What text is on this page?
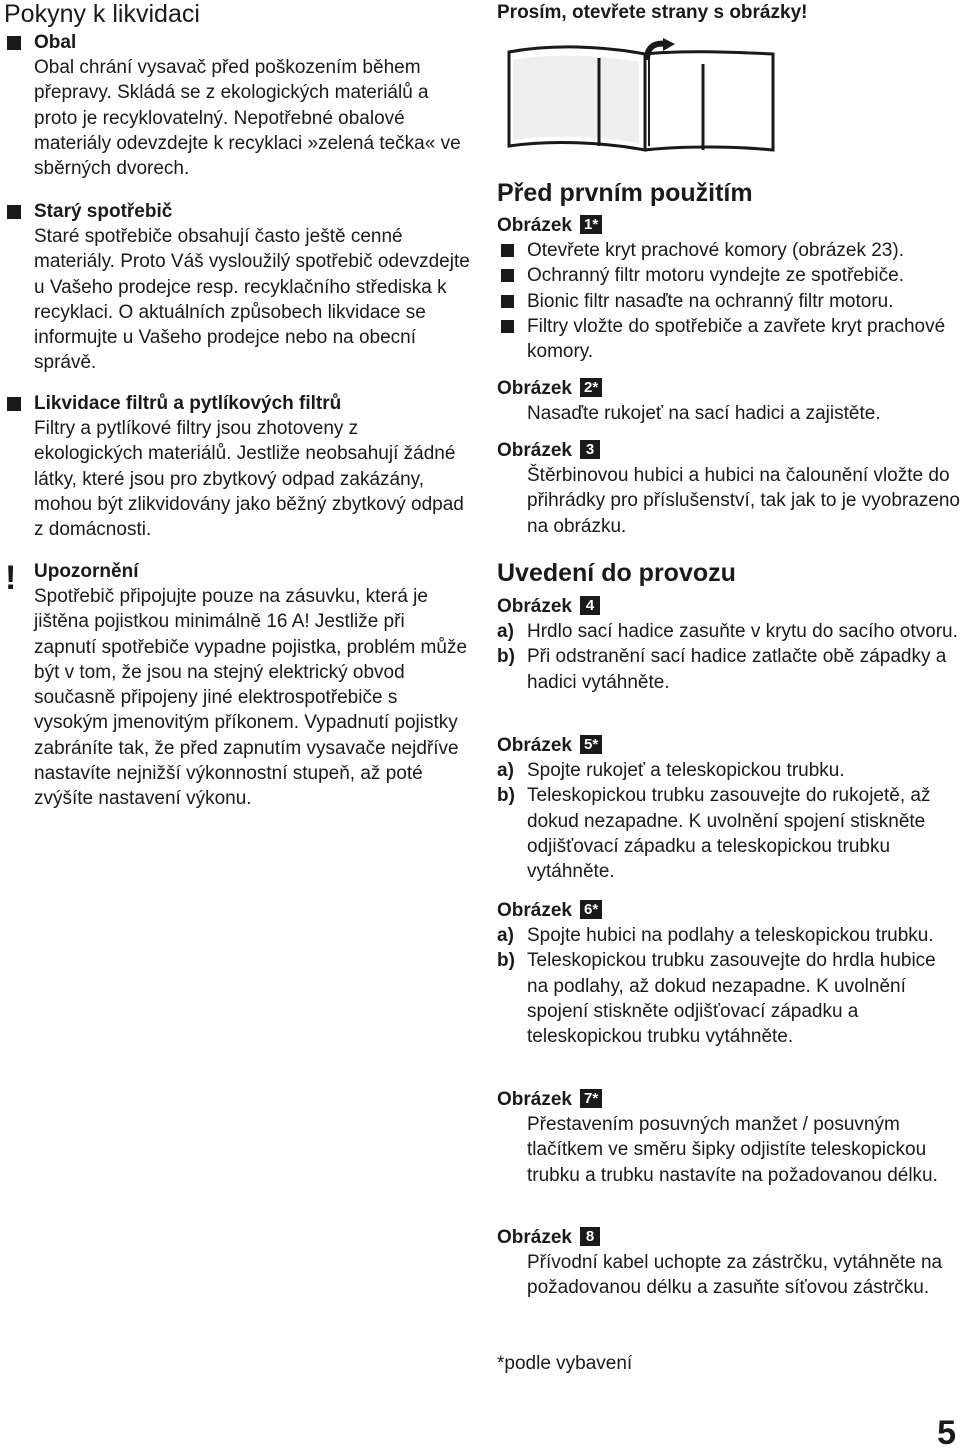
Pokyny k likvidaci

Obal

Obal chrání vysavač před poškozením během přepravy. Skládá se z ekologických materiálů a proto je recyklovatelný. Nepotřebné obalové materiály odevzdejte k recyklaci »zelená tečka« ve sběrných dvorech.

Starý spotřebič

Staré spotřebiče obsahují často ještě cenné materiály. Proto Váš vysloužilý spotřebič odevzdejte u Vašeho prodejce resp. recyklačního střediska k recyklaci. O aktuálních způsobech likvidace se informujte u Vašeho prodejce nebo na obecní správě.

Likvidace filtrů a pytlíkových filtrů

Filtry a pytlíkové filtry jsou zhotoveny z ekologických materiálů. Jestliže neobsahují žádné látky, které jsou pro zbytkový odpad zakázány, mohou být zlikvidovány jako běžný zbytkový odpad z domácnosti.

! Upozornění

Spotřebič připojujte pouze na zásuvku, která je jištěna pojistkou minimálně 16 A! Jestliže při zapnutí spotřebiče vypadne pojistka, problém může být v tom, že jsou na stejný elektrický obvod současně připojeny jiné elektrospotřebiče s vysokým jmenovitým příkonem. Vypadnutí pojistky zabráníte tak, že před zapnutím vysavače nejdříve nastavíte nejnižší výkonnostní stupeň, až poté zvýšíte nastavení výkonu.

Prosím, otevřete strany s obrázky!
Před prvním použitím
Obrázek 1*
Otevřete kryt prachové komory (obrázek 23).
Ochranný filtr motoru vyndejte ze spotřebiče.
Bionic filtr nasaďte na ochranný filtr motoru.
Filtry vložte do spotřebiče a zavřete kryt prachové komory.
Obrázek 2*
Nasaďte rukojeť na sací hadici a zajistěte.
Obrázek 3
Štěrbinovou hubici a hubici na čalounění vložte do přihrádky pro příslušenství, tak jak to je vyobrazeno na obrázku.
Uvedení do provozu
Obrázek 4
a) Hrdlo sací hadice zasuňte v krytu do sacího otvoru.
b) Při odstranění sací hadice zatlačte obě západky a hadici vytáhněte.
Obrázek 5*
a) Spojte rukojeť a teleskopickou trubku.
b) Teleskopickou trubku zasouvejte do rukojetě, až dokud nezapadne. K uvolnění spojení stiskněte odjišťovací západku a teleskopickou trubku vytáhněte.
Obrázek 6*
a) Spojte hubici na podlahy a teleskopickou trubku.
b) Teleskopickou trubku zasouvejte do hrdla hubice na podlahy, až dokud nezapadne. K uvolnění spojení stiskněte odjišťovací západku a teleskopickou trubku vytáhněte.
Obrázek 7*
Přestavením posuvných manžet / posuvným tlačítkem ve směru šipky odjistíte teleskopickou trubku a trubku nastavíte na požadovanou délku.
Obrázek 8
Přívodní kabel uchopte za zástrčku, vytáhněte na požadovanou délku a zasuňte síťovou zástrčku.
*podle vybavení
5
